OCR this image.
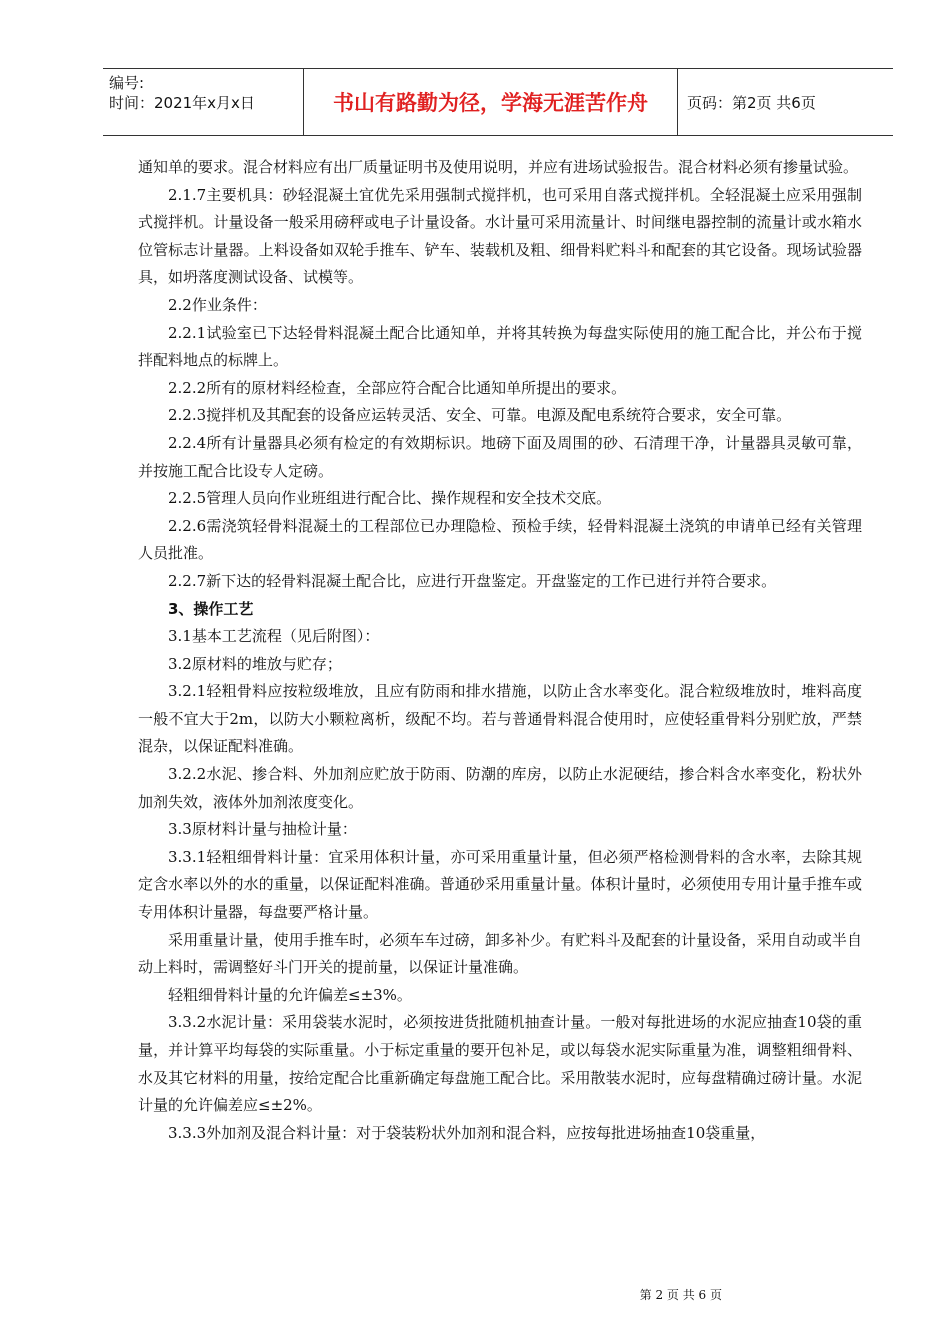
编号:
时间：2021年x月x日	书山有路勤为径，学海无涯苦作舟	页码：第2页 共6页

通知单的要求。混合材料应有出厂质量证明书及使用说明，并应有进场试验报告。混合材料必须有掺量试验。

2.1.7主要机具：砂轻混凝土宜优先采用强制式搅拌机，也可采用自落式搅拌机。全轻混凝土应采用强制式搅拌机。计量设备一般采用磅秤或电子计量设备。水计量可采用流量计、时间继电器控制的流量计或水箱水位管标志计量器。上料设备如双轮手推车、铲车、装载机及粗、细骨料贮料斗和配套的其它设备。现场试验器具，如坍落度测试设备、试模等。

2.2作业条件：

2.2.1试验室已下达轻骨料混凝土配合比通知单，并将其转换为每盘实际使用的施工配合比，并公布于搅拌配料地点的标牌上。

2.2.2所有的原材料经检查，全部应符合配合比通知单所提出的要求。

2.2.3搅拌机及其配套的设备应运转灵活、安全、可靠。电源及配电系统符合要求，安全可靠。

2.2.4所有计量器具必须有检定的有效期标识。地磅下面及周围的砂、石清理干净，计量器具灵敏可靠，并按施工配合比设专人定磅。

2.2.5管理人员向作业班组进行配合比、操作规程和安全技术交底。

2.2.6需浇筑轻骨料混凝土的工程部位已办理隐检、预检手续，轻骨料混凝土浇筑的申请单已经有关管理人员批准。

2.2.7新下达的轻骨料混凝土配合比，应进行开盘鉴定。开盘鉴定的工作已进行并符合要求。

3、操作工艺

3.1基本工艺流程（见后附图）：

3.2原材料的堆放与贮存；

3.2.1轻粗骨料应按粒级堆放，且应有防雨和排水措施，以防止含水率变化。混合粒级堆放时，堆料高度一般不宜大于2m，以防大小颗粒离析，级配不均。若与普通骨料混合使用时，应使轻重骨料分别贮放，严禁混杂，以保证配料准确。

3.2.2水泥、掺合料、外加剂应贮放于防雨、防潮的库房，以防止水泥硬结，掺合料含水率变化，粉状外加剂失效，液体外加剂浓度变化。

3.3原材料计量与抽检计量：

3.3.1轻粗细骨料计量：宜采用体积计量，亦可采用重量计量，但必须严格检测骨料的含水率，去除其规定含水率以外的水的重量，以保证配料准确。普通砂采用重量计量。体积计量时，必须使用专用计量手推车或专用体积计量器，每盘要严格计量。

采用重量计量，使用手推车时，必须车车过磅，卸多补少。有贮料斗及配套的计量设备，采用自动或半自动上料时，需调整好斗门开关的提前量，以保证计量准确。

轻粗细骨料计量的允许偏差≤±3%。

3.3.2水泥计量：采用袋装水泥时，必须按进货批随机抽查计量。一般对每批进场的水泥应抽查10袋的重量，并计算平均每袋的实际重量。小于标定重量的要开包补足，或以每袋水泥实际重量为准，调整粗细骨料、水及其它材料的用量，按给定配合比重新确定每盘施工配合比。采用散装水泥时，应每盘精确过磅计量。水泥计量的允许偏差应≤±2%。

3.3.3外加剂及混合料计量：对于袋装粉状外加剂和混合料，应按每批进场抽查10袋重量，

第 2 页 共 6 页
